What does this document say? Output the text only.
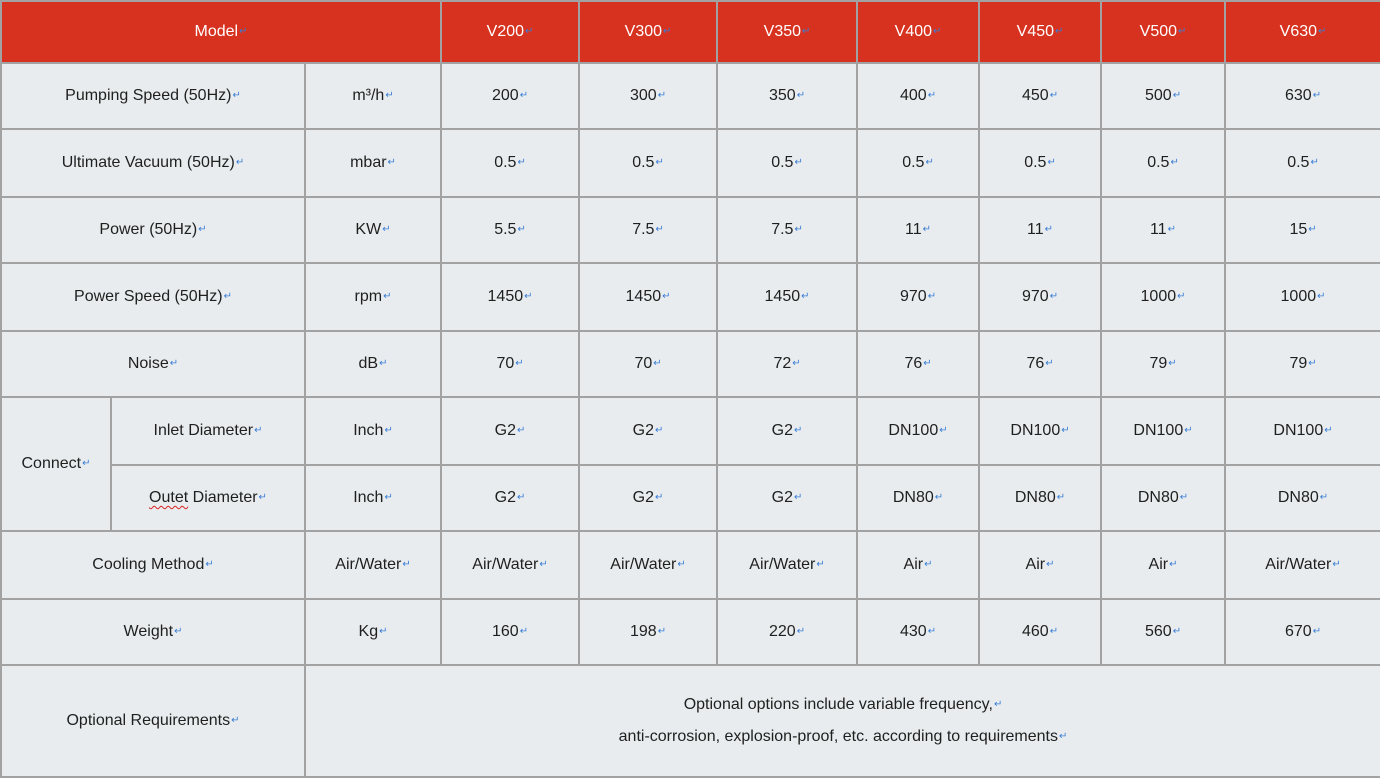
Model↵			V200↵	V300↵	V350↵	V400↵	V450↵	V500↵	V630↵
Pumping Speed (50Hz)↵		m³/h↵	200↵	300↵	350↵	400↵	450↵	500↵	630↵
Ultimate Vacuum (50Hz)↵		mbar↵	0.5↵	0.5↵	0.5↵	0.5↵	0.5↵	0.5↵	0.5↵
Power (50Hz)↵		KW↵	5.5↵	7.5↵	7.5↵	11↵	11↵	11↵	15↵
Power Speed (50Hz)↵		rpm↵	1450↵	1450↵	1450↵	970↵	970↵	1000↵	1000↵
Noise↵		dB↵	70↵	70↵	72↵	76↵	76↵	79↵	79↵
Connect↵	Inlet Diameter↵	Inch↵	G2↵	G2↵	G2↵	DN100↵	DN100↵	DN100↵	DN100↵
	Outet Diameter↵	Inch↵	G2↵	G2↵	G2↵	DN80↵	DN80↵	DN80↵	DN80↵
Cooling Method↵		Air/Water↵	Air/Water↵	Air/Water↵	Air/Water↵	Air↵	Air↵	Air↵	Air/Water↵
Weight↵		Kg↵	160↵	198↵	220↵	430↵	460↵	560↵	670↵
Optional Requirements↵		Optional options include variable frequency,↵
anti-corrosion, explosion-proof, etc. according to requirements↵							
